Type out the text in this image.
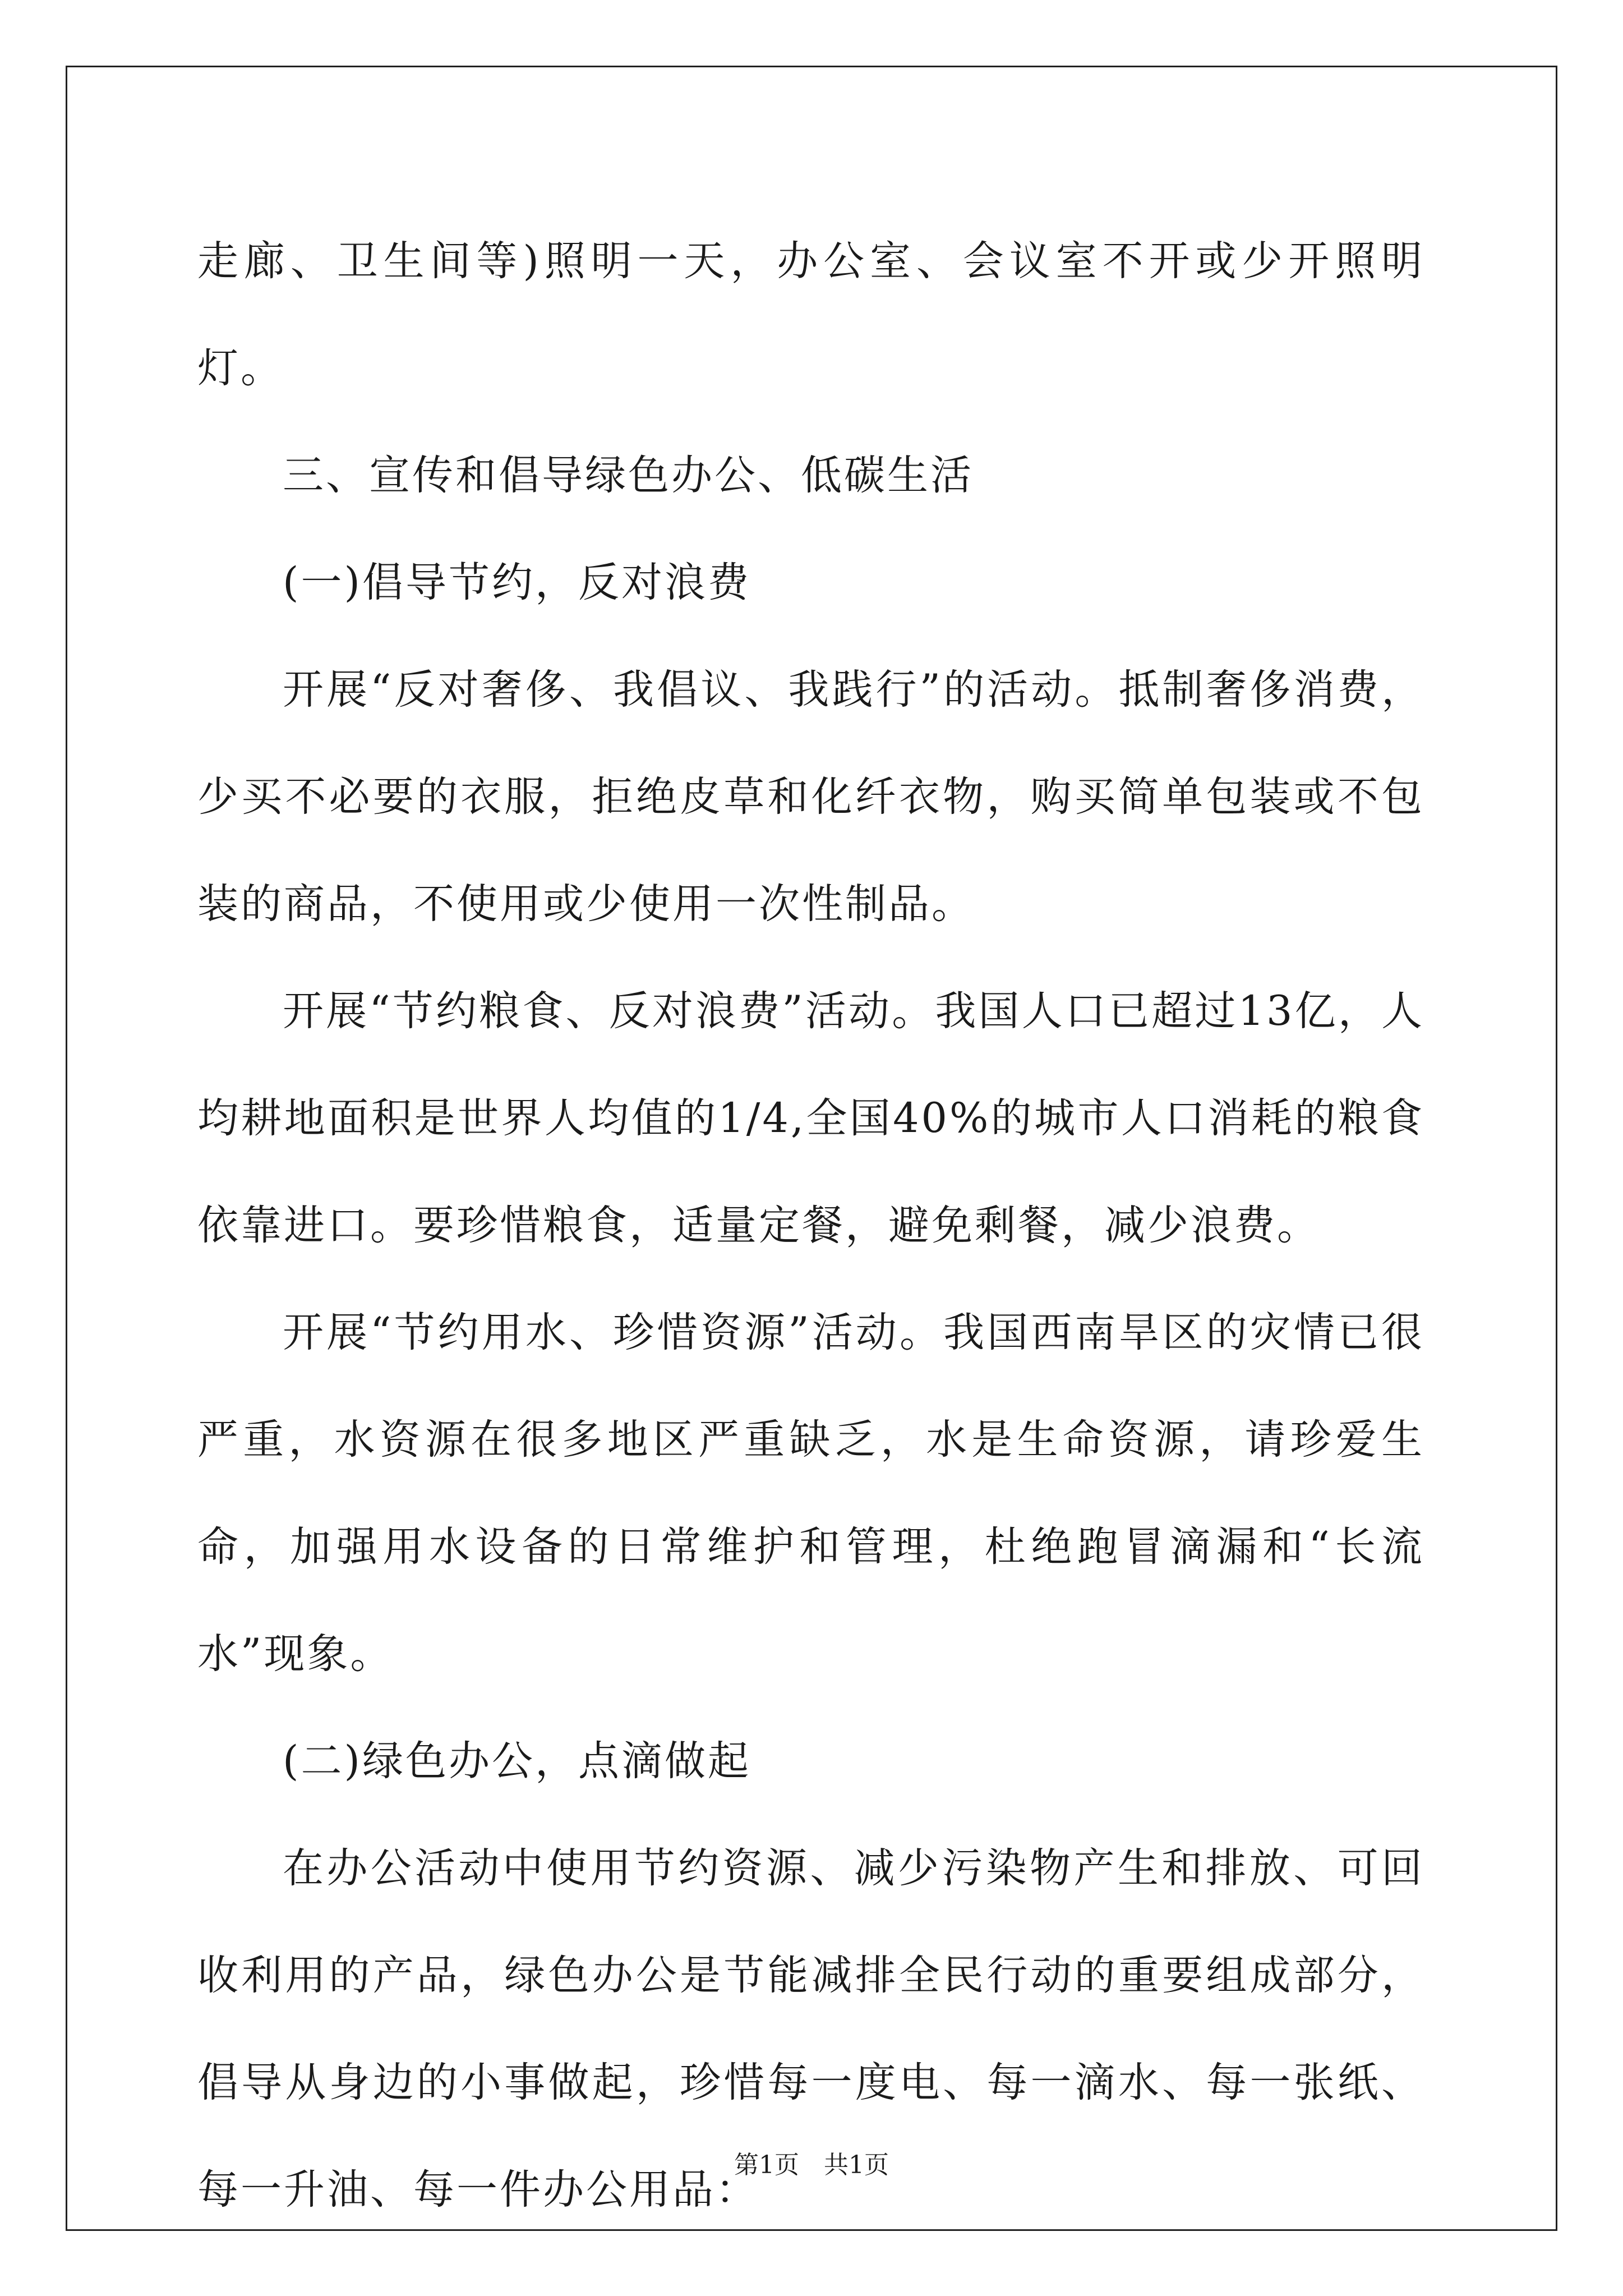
走廊、卫生间等)照明一天，办公室、会议室不开或少开照明灯。

三、宣传和倡导绿色办公、低碳生活

(一)倡导节约，反对浪费

开展“反对奢侈、我倡议、我践行”的活动。抵制奢侈消费，少买不必要的衣服，拒绝皮草和化纤衣物，购买简单包装或不包装的商品，不使用或少使用一次性制品。

开展“节约粮食、反对浪费”活动。我国人口已超过13亿，人均耕地面积是世界人均值的1/4,全国40%的城市人口消耗的粮食依靠进口。要珍惜粮食，适量定餐，避免剩餐，减少浪费。

开展“节约用水、珍惜资源”活动。我国西南旱区的灾情已很严重，水资源在很多地区严重缺乏，水是生命资源，请珍爱生命，加强用水设备的日常维护和管理，杜绝跑冒滴漏和“长流水”现象。

(二)绿色办公，点滴做起

在办公活动中使用节约资源、减少污染物产生和排放、可回收利用的产品，绿色办公是节能减排全民行动的重要组成部分，倡导从身边的小事做起，珍惜每一度电、每一滴水、每一张纸、每一升油、每一件办公用品：

第1页 共1页
